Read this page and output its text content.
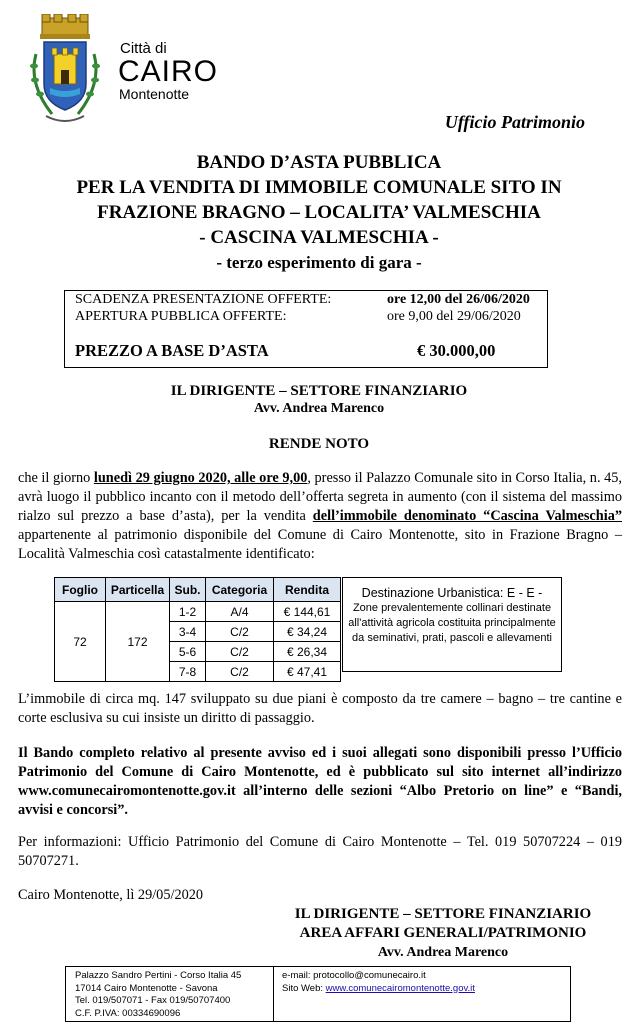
Città di
CAIRO
Montenotte
Ufficio Patrimonio
BANDO D’ASTA PUBBLICA
PER LA VENDITA DI IMMOBILE COMUNALE SITO IN
FRAZIONE BRAGNO – LOCALITA’ VALMESCHIA
- CASCINA VALMESCHIA -
- terzo esperimento di gara -
SCADENZA PRESENTAZIONE OFFERTE:	ore 12,00 del 26/06/2020
APERTURA PUBBLICA OFFERTE:	ore 9,00 del 29/06/2020
PREZZO A BASE D’ASTA	€ 30.000,00
IL DIRIGENTE – SETTORE FINANZIARIO
Avv. Andrea Marenco
RENDE NOTO
che il giorno lunedì 29 giugno 2020, alle ore 9,00, presso il Palazzo Comunale sito in Corso Italia, n. 45, avrà luogo il pubblico incanto con il metodo dell’offerta segreta in aumento (con il sistema del massimo rialzo sul prezzo a base d’asta), per la vendita dell’immobile denominato “Cascina Valmeschia” appartenente al patrimonio disponibile del Comune di Cairo Montenotte, sito in Frazione Bragno – Località Valmeschia così catastalmente identificato:
Foglio	Particella	Sub.	Categoria	Rendita
72	172	1-2	A/4	€ 144,61
		3-4	C/2	€ 34,24
		5-6	C/2	€ 26,34
		7-8	C/2	€ 47,41
Destinazione Urbanistica: E - E -
Zone prevalentemente collinari destinate all'attività agricola costituita principalmente da seminativi, prati, pascoli e allevamenti
L’immobile di circa mq. 147 sviluppato su due piani è composto da tre camere – bagno – tre cantine e corte esclusiva su cui insiste un diritto di passaggio.
Il Bando completo relativo al presente avviso ed i suoi allegati sono disponibili presso l’Ufficio Patrimonio del Comune di Cairo Montenotte, ed è pubblicato sul sito internet all’indirizzo www.comunecairomontenotte.gov.it all’interno delle sezioni “Albo Pretorio on line” e “Bandi, avvisi e concorsi”.
Per informazioni: Ufficio Patrimonio del Comune di Cairo Montenotte – Tel. 019 50707224 – 019 50707271.
Cairo Montenotte, lì 29/05/2020
IL DIRIGENTE – SETTORE FINANZIARIO
AREA AFFARI GENERALI/PATRIMONIO
Avv. Andrea Marenco
Palazzo Sandro Pertini - Corso Italia 45
17014 Cairo Montenotte - Savona
Tel. 019/507071 - Fax 019/50707400
C.F. P.IVA: 00334690096
e-mail: protocollo@comunecairo.it
Sito Web: www.comunecairomontenotte.gov.it
